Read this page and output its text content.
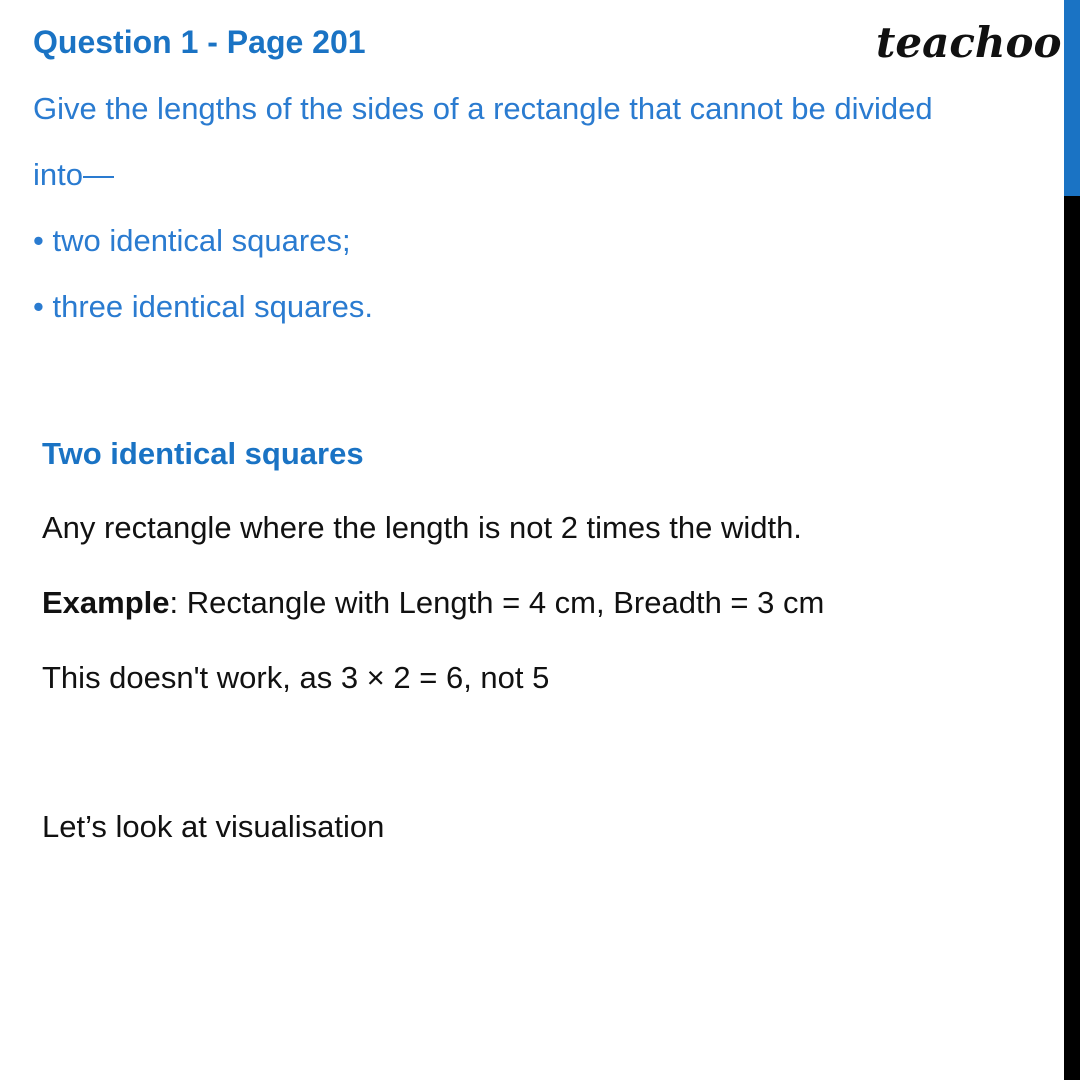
Question 1 - Page 201	teachoo
Give the lengths of the sides of a rectangle that cannot be divided
into—
• two identical squares;
• three identical squares.
Two identical squares
Any rectangle where the length is not 2 times the width.
Example: Rectangle with Length = 4 cm, Breadth = 3 cm
This doesn't work, as 3 × 2 = 6, not 5
Let’s look at visualisation
